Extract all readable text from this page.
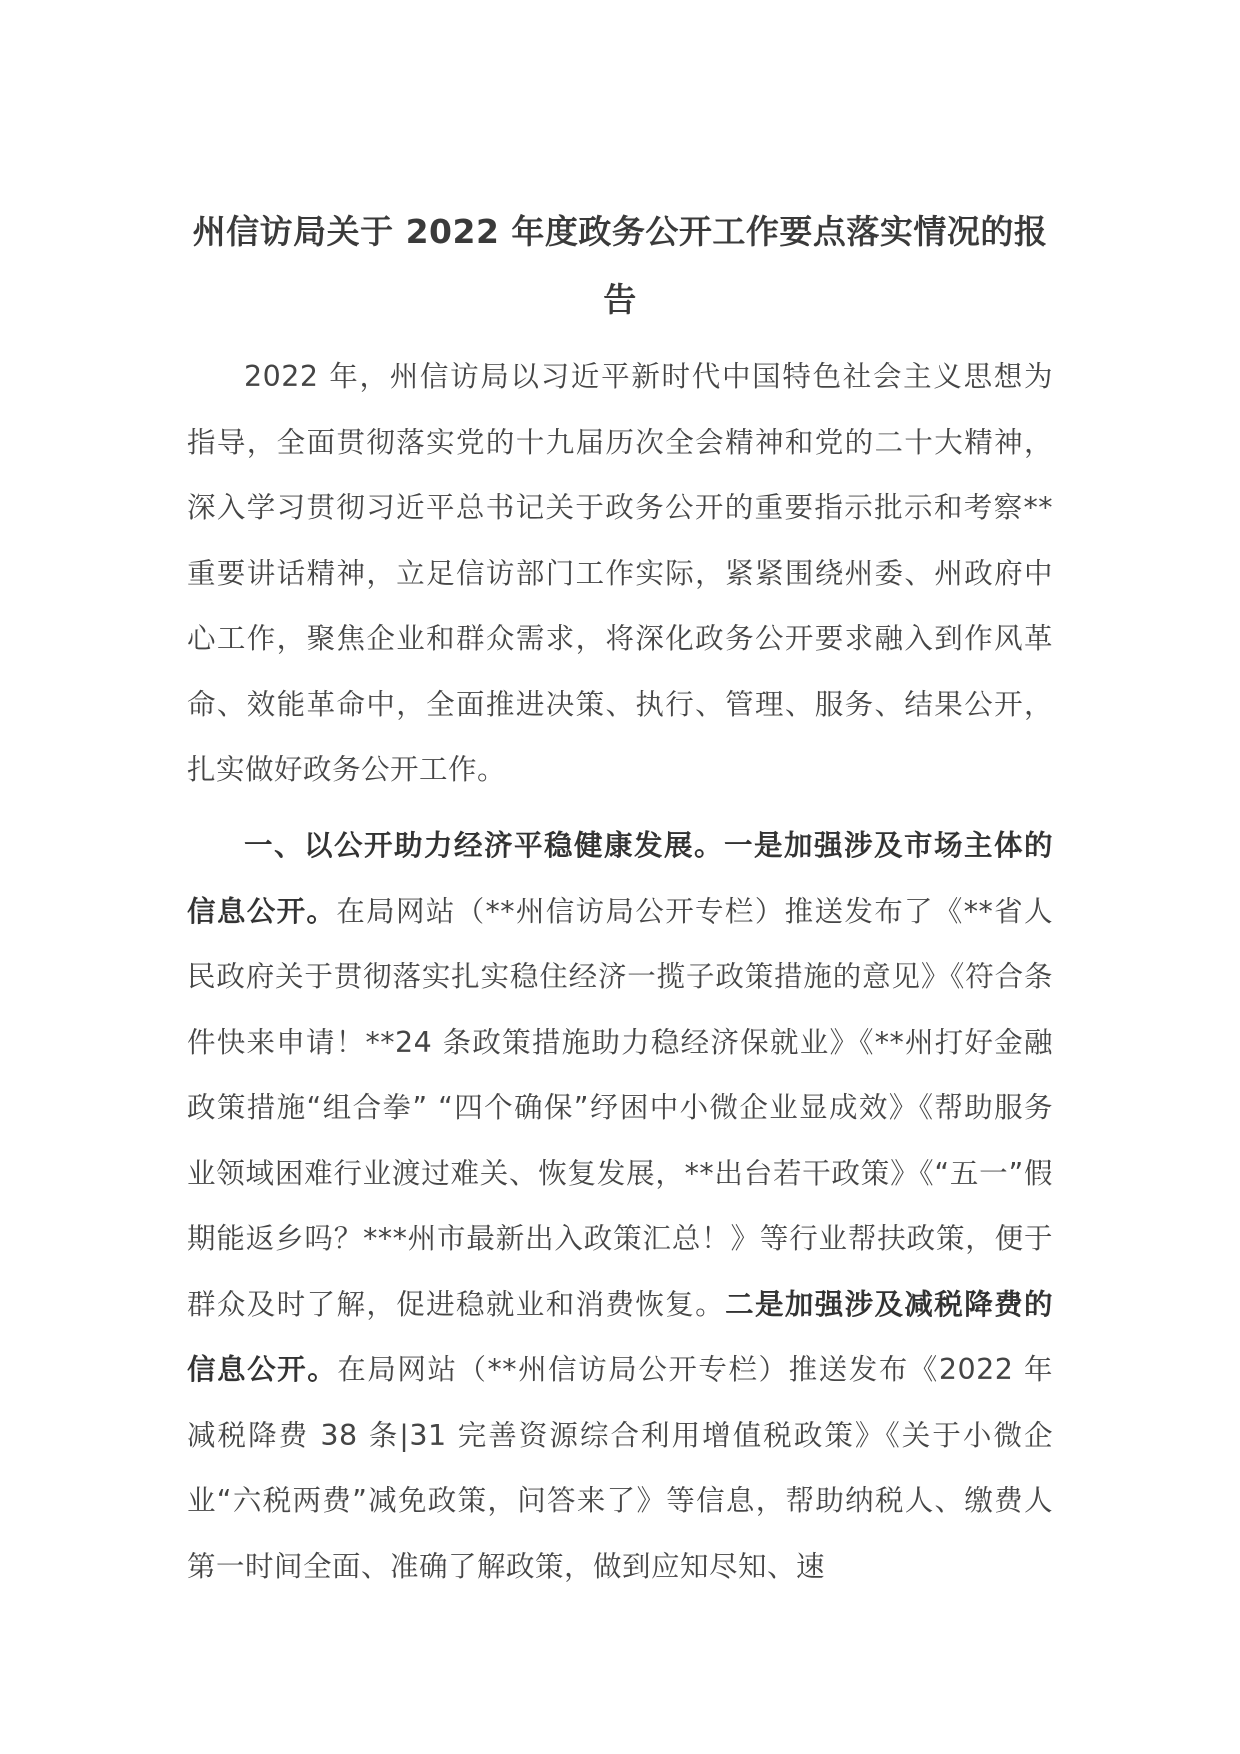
州信访局关于 2022 年度政务公开工作要点落实情况的报告

2022 年，州信访局以习近平新时代中国特色社会主义思想为指导，全面贯彻落实党的十九届历次全会精神和党的二十大精神，深入学习贯彻习近平总书记关于政务公开的重要指示批示和考察**重要讲话精神，立足信访部门工作实际，紧紧围绕州委、州政府中心工作，聚焦企业和群众需求，将深化政务公开要求融入到作风革命、效能革命中，全面推进决策、执行、管理、服务、结果公开，扎实做好政务公开工作。

一、以公开助力经济平稳健康发展。一是加强涉及市场主体的信息公开。在局网站（**州信访局公开专栏）推送发布了《**省人民政府关于贯彻落实扎实稳住经济一揽子政策措施的意见》《符合条件快来申请！**24 条政策措施助力稳经济保就业》《**州打好金融政策措施“组合拳” “四个确保”纾困中小微企业显成效》《帮助服务业领域困难行业渡过难关、恢复发展，**出台若干政策》《“五一”假期能返乡吗？***州市最新出入政策汇总！》等行业帮扶政策，便于群众及时了解，促进稳就业和消费恢复。二是加强涉及减税降费的信息公开。在局网站（**州信访局公开专栏）推送发布《2022 年减税降费 38 条|31 完善资源综合利用增值税政策》《关于小微企业“六税两费”减免政策，问答来了》等信息，帮助纳税人、缴费人第一时间全面、准确了解政策，做到应知尽知、速
